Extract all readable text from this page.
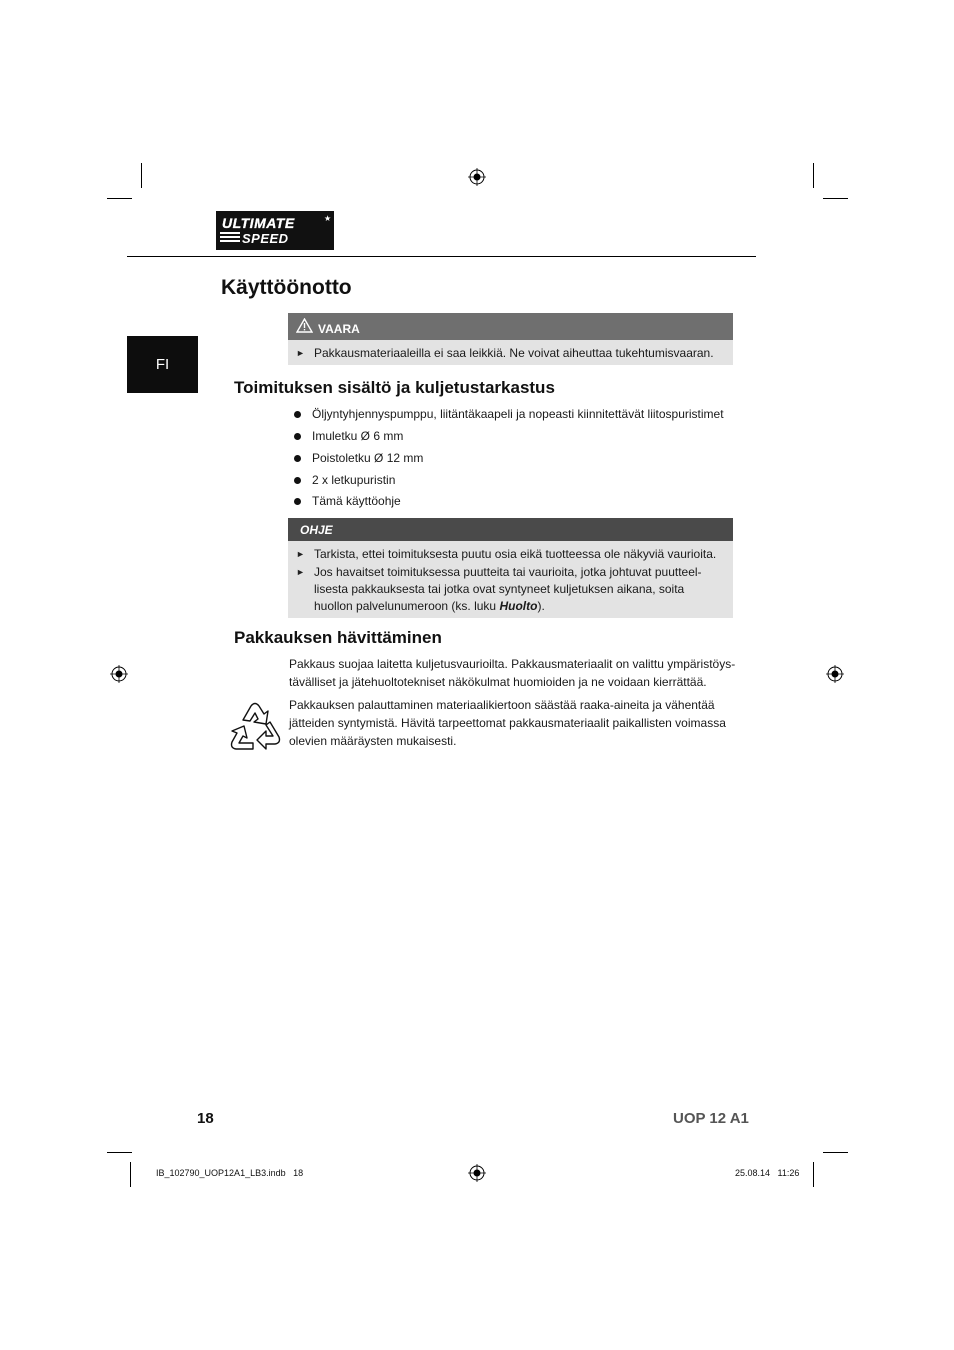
ULTIMATE
SPEED
★
Käyttöönotto
FI
VAARA
► Pakkausmateriaaleilla ei saa leikkiä. Ne voivat aiheuttaa tukehtumisvaaran.
Toimituksen sisältö ja kuljetustarkastus
Öljyntyhjennyspumppu, liitäntäkaapeli ja nopeasti kiinnitettävät liitospuristimet
Imuletku Ø 6 mm
Poistoletku Ø 12 mm
2 x letkupuristin
Tämä käyttöohje
OHJE
► Tarkista, ettei toimituksesta puutu osia eikä tuotteessa ole näkyviä vaurioita.
► Jos havaitset toimituksessa puutteita tai vaurioita, jotka johtuvat puutteel-
lisesta pakkauksesta tai jotka ovat syntyneet kuljetuksen aikana, soita
huollon palvelunumeroon (ks. luku Huolto).
Pakkauksen hävittäminen
Pakkaus suojaa laitetta kuljetusvaurioilta. Pakkausmateriaalit on valittu ympäristöys-
tävälliset ja jätehuoltotekniset näkökulmat huomioiden ja ne voidaan kierrättää.
Pakkauksen palauttaminen materiaalikiertoon säästää raaka-aineita ja vähentää
jätteiden syntymistä. Hävitä tarpeettomat pakkausmateriaalit paikallisten voimassa
olevien määräysten mukaisesti.
18	UOP 12 A1
IB_102790_UOP12A1_LB3.indb   18	25.08.14   11:26
